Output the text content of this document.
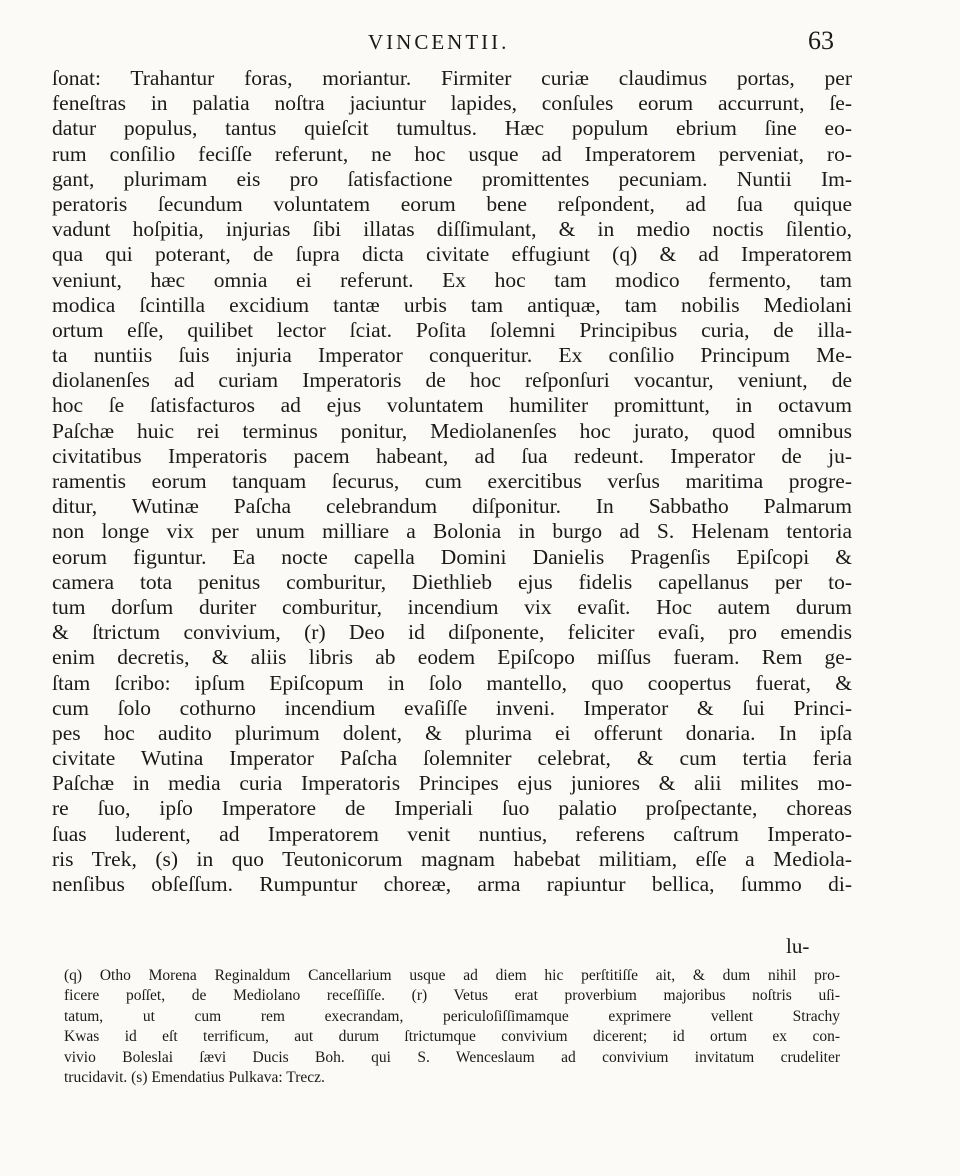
VINCENTII.	63
ſonat: Trahantur foras, moriantur. Firmiter curiæ claudimus portas, per
feneſtras in palatia noſtra jaciuntur lapides, conſules eorum accurrunt, ſe-
datur populus, tantus quieſcit tumultus. Hæc populum ebrium ſine eo-
rum conſilio feciſſe referunt, ne hoc usque ad Imperatorem perveniat, ro-
gant, plurimam eis pro ſatisfactione promittentes pecuniam. Nuntii Im-
peratoris ſecundum voluntatem eorum bene reſpondent, ad ſua quique
vadunt hoſpitia, injurias ſibi illatas diſſimulant, & in medio noctis ſilentio,
qua qui poterant, de ſupra dicta civitate effugiunt (q) & ad Imperatorem
veniunt, hæc omnia ei referunt. Ex hoc tam modico fermento, tam
modica ſcintilla excidium tantæ urbis tam antiquæ, tam nobilis Mediolani
ortum eſſe, quilibet lector ſciat. Poſita ſolemni Principibus curia, de illa-
ta nuntiis ſuis injuria Imperator conqueritur. Ex conſilio Principum Me-
diolanenſes ad curiam Imperatoris de hoc reſponſuri vocantur, veniunt, de
hoc ſe ſatisfacturos ad ejus voluntatem humiliter promittunt, in octavum
Paſchæ huic rei terminus ponitur, Mediolanenſes hoc jurato, quod omnibus
civitatibus Imperatoris pacem habeant, ad ſua redeunt. Imperator de ju-
ramentis eorum tanquam ſecurus, cum exercitibus verſus maritima progre-
ditur, Wutinæ Paſcha celebrandum diſponitur. In Sabbatho Palmarum
non longe vix per unum milliare a Bolonia in burgo ad S. Helenam tentoria
eorum figuntur. Ea nocte capella Domini Danielis Pragenſis Epiſcopi &
camera tota penitus comburitur, Diethlieb ejus fidelis capellanus per to-
tum dorſum duriter comburitur, incendium vix evaſit. Hoc autem durum
& ſtrictum convivium, (r) Deo id diſponente, feliciter evaſi, pro emendis
enim decretis, & aliis libris ab eodem Epiſcopo miſſus fueram. Rem ge-
ſtam ſcribo: ipſum Epiſcopum in ſolo mantello, quo coopertus fuerat, &
cum ſolo cothurno incendium evaſiſſe inveni. Imperator & ſui Princi-
pes hoc audito plurimum dolent, & plurima ei offerunt donaria. In ipſa
civitate Wutina Imperator Paſcha ſolemniter celebrat, & cum tertia feria
Paſchæ in media curia Imperatoris Principes ejus juniores & alii milites mo-
re ſuo, ipſo Imperatore de Imperiali ſuo palatio proſpectante, choreas
ſuas luderent, ad Imperatorem venit nuntius, referens caſtrum Imperato-
ris Trek, (s) in quo Teutonicorum magnam habebat militiam, eſſe a Mediola-
nenſibus obſeſſum. Rumpuntur choreæ, arma rapiuntur bellica, ſummo di-
lu-
(q) Otho Morena Reginaldum Cancellarium usque ad diem hic perſtitiſſe ait, & dum nihil pro-
ficere poſſet, de Mediolano receſſiſſe. (r) Vetus erat proverbium majoribus noſtris uſi-
tatum, ut cum rem execrandam, periculoſiſſimamque exprimere vellent Strachy
Kwas id eſt terrificum, aut durum ſtrictumque convivium dicerent; id ortum ex con-
vivio Boleslai ſævi Ducis Boh. qui S. Wenceslaum ad convivium invitatum crudeliter
trucidavit. (s) Emendatius Pulkava: Trecz.
